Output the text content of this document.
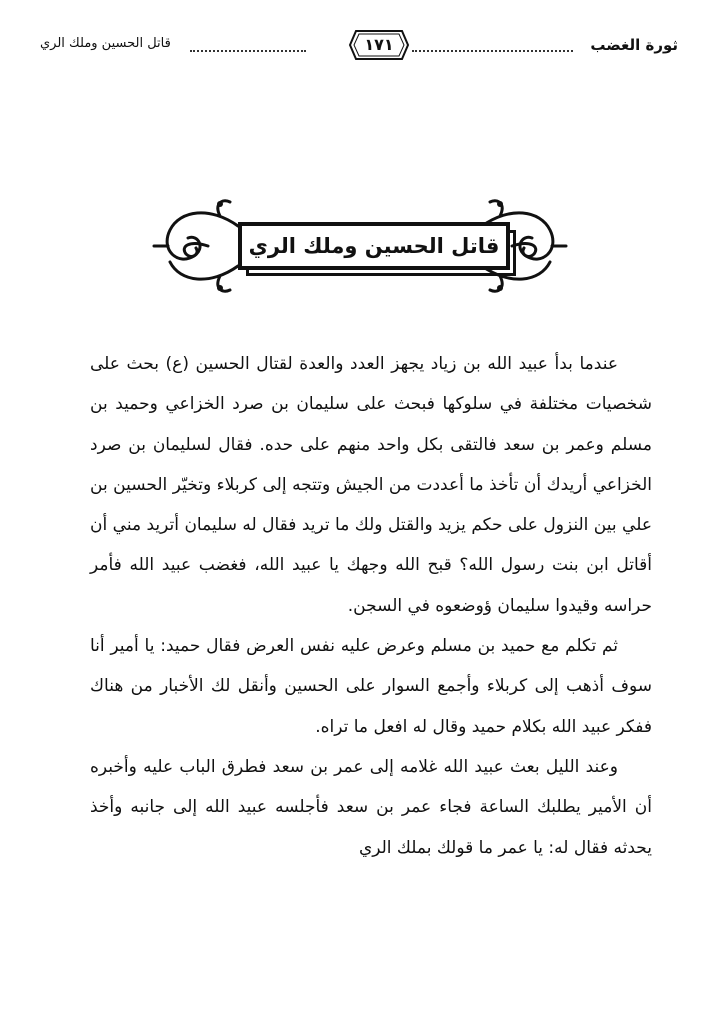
ثورة الغضب
١٧١
قاتل الحسين وملك الري
قاتل الحسين وملك الري

عندما بدأ عبيد الله بن زياد يجهز العدد والعدة لقتال الحسين (ع) بحث على شخصيات مختلفة في سلوكها فبحث على سليمان بن صرد الخزاعي وحميد بن مسلم وعمر بن سعد فالتقى بكل واحد منهم على حده. فقال لسليمان بن صرد الخزاعي أريدك أن تأخذ ما أعددت من الجيش وتتجه إلى كربلاء وتخيّر الحسين بن علي بين النزول على حكم يزيد والقتل ولك ما تريد فقال له سليمان أتريد مني أن أقاتل ابن بنت رسول الله؟ قبح الله وجهك يا عبيد الله، فغضب عبيد الله فأمر حراسه وقيدوا سليمان ؤوضعوه في السجن.

ثم تكلم مع حميد بن مسلم وعرض عليه نفس العرض فقال حميد: يا أمير أنا سوف أذهب إلى كربلاء وأجمع السوار على الحسين وأنقل لك الأخبار من هناك ففكر عبيد الله بكلام حميد وقال له افعل ما تراه.

وعند الليل بعث عبيد الله غلامه إلى عمر بن سعد فطرق الباب عليه وأخبره أن الأمير يطلبك الساعة فجاء عمر بن سعد فأجلسه عبيد الله إلى جانبه وأخذ يحدثه فقال له: يا عمر ما قولك بملك الري
